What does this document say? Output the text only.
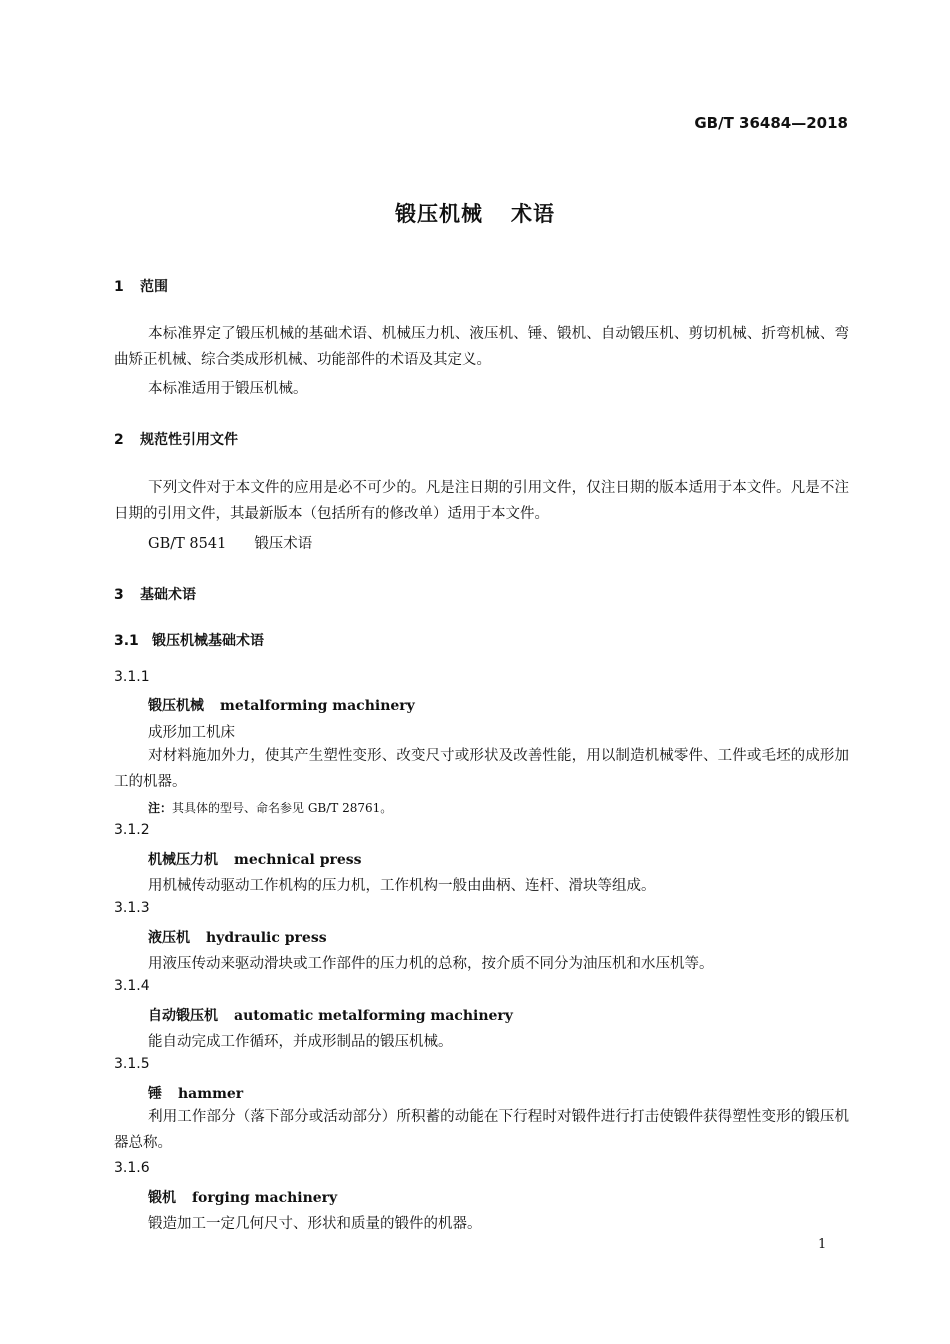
GB/T 36484—2018
锻压机械 术语
1 范围
本标准界定了锻压机械的基础术语、机械压力机、液压机、锤、锻机、自动锻压机、剪切机械、折弯机械、弯曲矫正机械、综合类成形机械、功能部件的术语及其定义。
本标准适用于锻压机械。
2 规范性引用文件
下列文件对于本文件的应用是必不可少的。凡是注日期的引用文件，仅注日期的版本适用于本文件。凡是不注日期的引用文件，其最新版本（包括所有的修改单）适用于本文件。
GB/T 8541 锻压术语
3 基础术语
3.1 锻压机械基础术语
3.1.1
锻压机械 metalforming machinery
成形加工机床
对材料施加外力，使其产生塑性变形、改变尺寸或形状及改善性能，用以制造机械零件、工件或毛坯的成形加工的机器。
注：其具体的型号、命名参见 GB/T 28761。
3.1.2
机械压力机 mechnical press
用机械传动驱动工作机构的压力机，工作机构一般由曲柄、连杆、滑块等组成。
3.1.3
液压机 hydraulic press
用液压传动来驱动滑块或工作部件的压力机的总称，按介质不同分为油压机和水压机等。
3.1.4
自动锻压机 automatic metalforming machinery
能自动完成工作循环，并成形制品的锻压机械。
3.1.5
锤 hammer
利用工作部分（落下部分或活动部分）所积蓄的动能在下行程时对锻件进行打击使锻件获得塑性变形的锻压机器总称。
3.1.6
锻机 forging machinery
锻造加工一定几何尺寸、形状和质量的锻件的机器。
1
